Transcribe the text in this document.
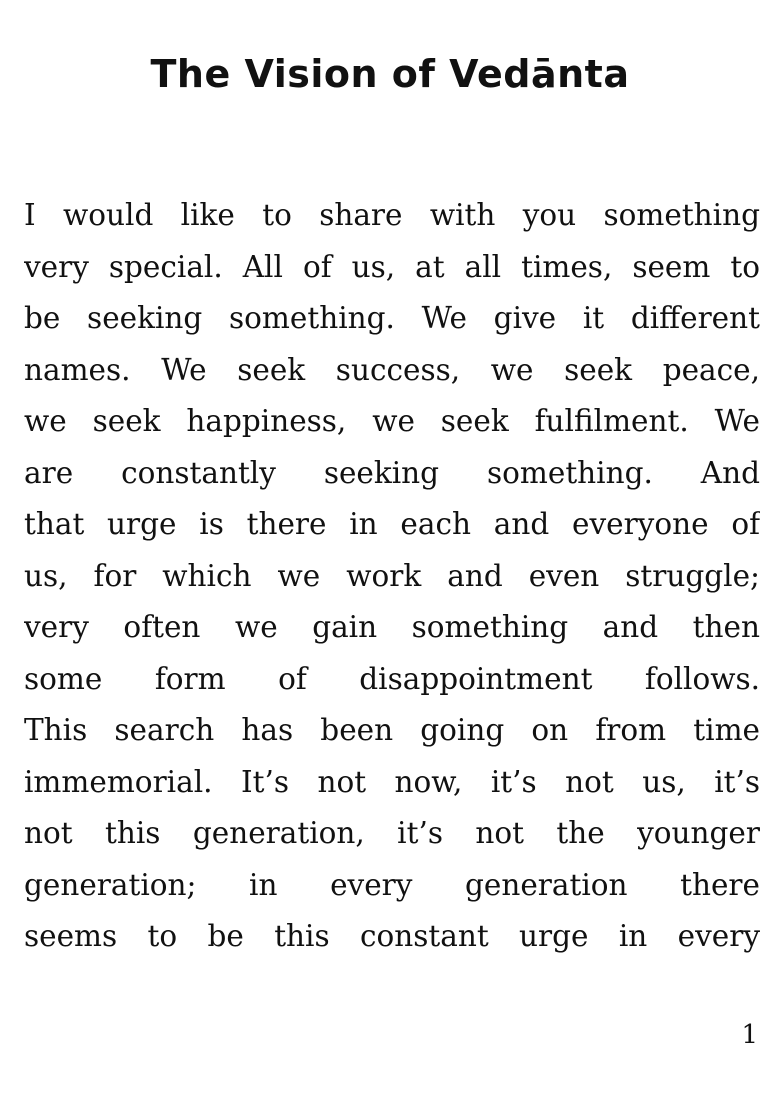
The Vision of Vedānta
I would like to share with you something
very special. All of us, at all times, seem to
be seeking something. We give it different
names. We seek success, we seek peace,
we seek happiness, we seek fulfilment. We
are constantly seeking something. And
that urge is there in each and everyone of
us, for which we work and even struggle;
very often we gain something and then
some form of disappointment follows.
This search has been going on from time
immemorial. It’s not now, it’s not us, it’s
not this generation, it’s not the younger
generation; in every generation there
seems to be this constant urge in every
1
